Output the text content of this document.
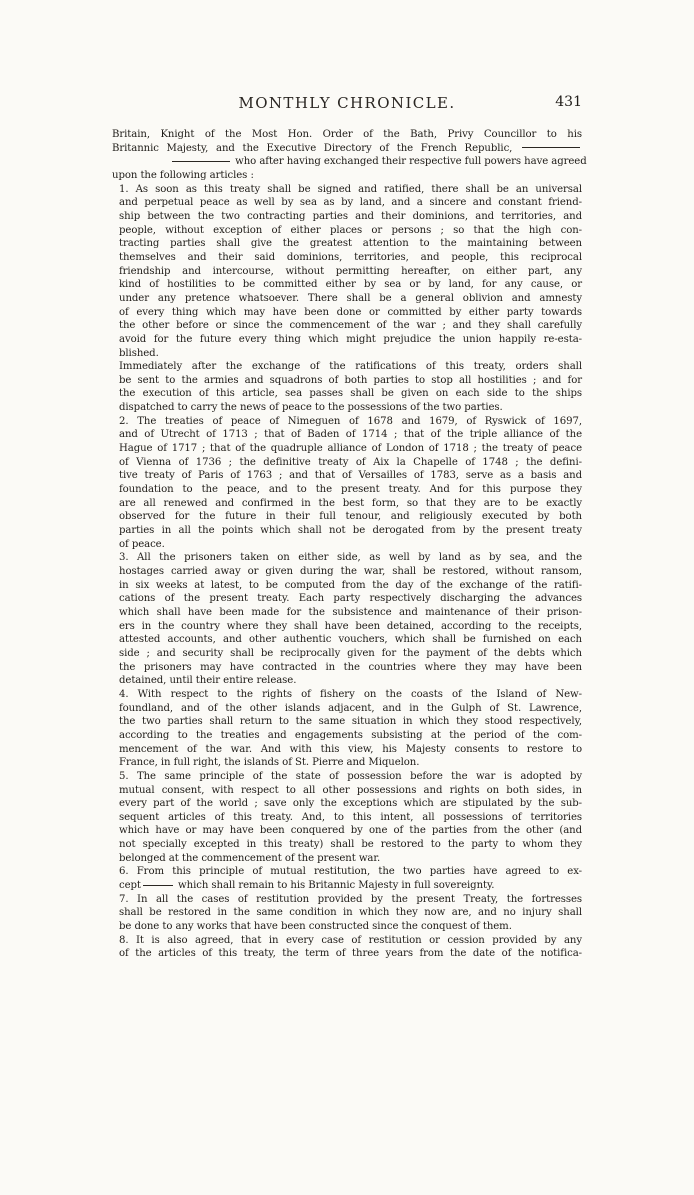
MONTHLY CHRONICLE.	431

Britain, Knight of the Most Hon. Order of the Bath, Privy Councillor to his
Britannic Majesty, and the Executive Directory of the French Republic,
who after having exchanged their respective full powers have agreed
upon the following articles :

1. As soon as this treaty shall be signed and ratified, there shall be an universal
and perpetual peace as well by sea as by land, and a sincere and constant friend-
ship between the two contracting parties and their dominions, and territories, and
people, without exception of either places or persons ; so that the high con-
tracting parties shall give the greatest attention to the maintaining between
themselves and their said dominions, territories, and people, this reciprocal
friendship and intercourse, without permitting hereafter, on either part, any
kind of hostilities to be committed either by sea or by land, for any cause, or
under any pretence whatsoever. There shall be a general oblivion and amnesty
of every thing which may have been done or committed by either party towards
the other before or since the commencement of the war ; and they shall carefully
avoid for the future every thing which might prejudice the union happily re-esta-
blished.

Immediately after the exchange of the ratifications of this treaty, orders shall
be sent to the armies and squadrons of both parties to stop all hostilities ; and for
the execution of this article, sea passes shall be given on each side to the ships
dispatched to carry the news of peace to the possessions of the two parties.

2. The treaties of peace of Nimeguen of 1678 and 1679, of Ryswick of 1697,
and of Utrecht of 1713 ; that of Baden of 1714 ; that of the triple alliance of the
Hague of 1717 ; that of the quadruple alliance of London of 1718 ; the treaty of peace
of Vienna of 1736 ; the definitive treaty of Aix la Chapelle of 1748 ; the defini-
tive treaty of Paris of 1763 ; and that of Versailles of 1783, serve as a basis and
foundation to the peace, and to the present treaty. And for this purpose they
are all renewed and confirmed in the best form, so that they are to be exactly
observed for the future in their full tenour, and religiously executed by both
parties in all the points which shall not be derogated from by the present treaty
of peace.

3. All the prisoners taken on either side, as well by land as by sea, and the
hostages carried away or given during the war, shall be restored, without ransom,
in six weeks at latest, to be computed from the day of the exchange of the ratifi-
cations of the present treaty. Each party respectively discharging the advances
which shall have been made for the subsistence and maintenance of their prison-
ers in the country where they shall have been detained, according to the receipts,
attested accounts, and other authentic vouchers, which shall be furnished on each
side ; and security shall be reciprocally given for the payment of the debts which
the prisoners may have contracted in the countries where they may have been
detained, until their entire release.

4. With respect to the rights of fishery on the coasts of the Island of New-
foundland, and of the other islands adjacent, and in the Gulph of St. Lawrence,
the two parties shall return to the same situation in which they stood respectively,
according to the treaties and engagements subsisting at the period of the com-
mencement of the war. And with this view, his Majesty consents to restore to
France, in full right, the islands of St. Pierre and Miquelon.

5. The same principle of the state of possession before the war is adopted by
mutual consent, with respect to all other possessions and rights on both sides, in
every part of the world ; save only the exceptions which are stipulated by the sub-
sequent articles of this treaty. And, to this intent, all possessions of territories
which have or may have been conquered by one of the parties from the other (and
not specially excepted in this treaty) shall be restored to the party to whom they
belonged at the commencement of the present war.

6. From this principle of mutual restitution, the two parties have agreed to ex-
cept	which shall remain to his Britannic Majesty in full sovereignty.

7. In all the cases of restitution provided by the present Treaty, the fortresses
shall be restored in the same condition in which they now are, and no injury shall
be done to any works that have been constructed since the conquest of them.

8. It is also agreed, that in every case of restitution or cession provided by any
of the articles of this treaty, the term of three years from the date of the notifica-
